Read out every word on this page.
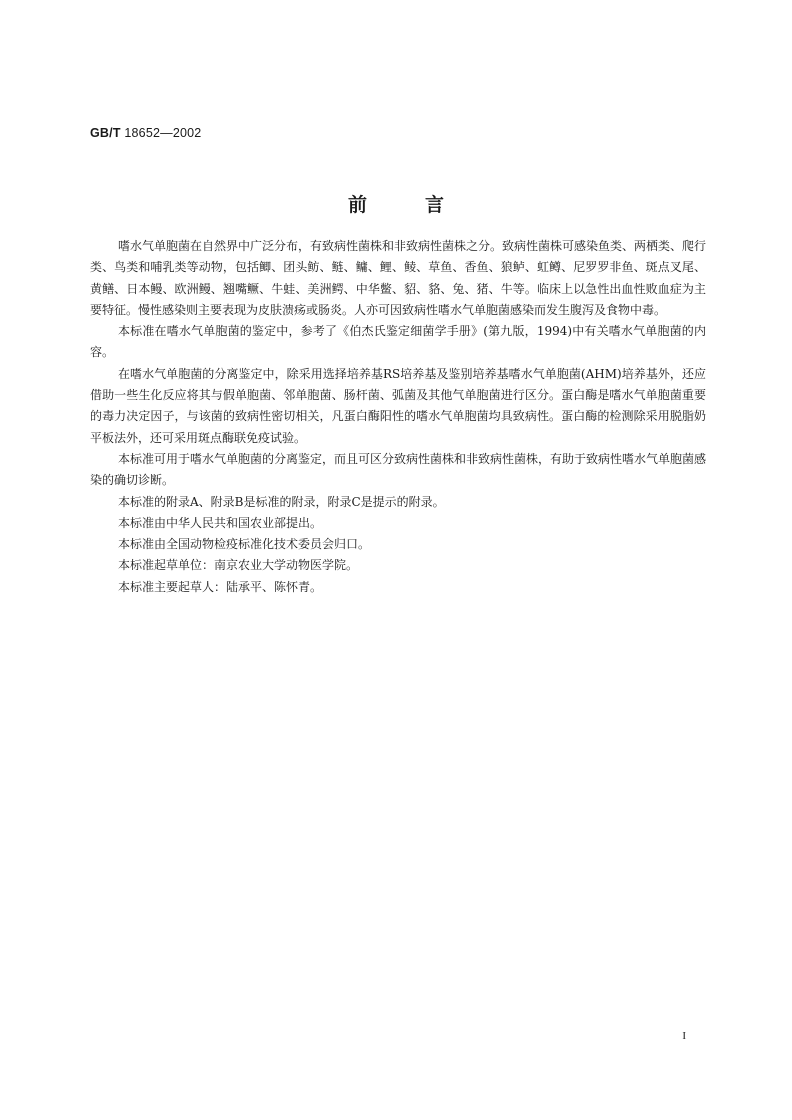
GB/T 18652—2002
前言

嗜水气单胞菌在自然界中广泛分布，有致病性菌株和非致病性菌株之分。致病性菌株可感染鱼类、两栖类、爬行类、鸟类和哺乳类等动物，包括鲫、团头鲂、鲢、鳙、鲤、鲮、草鱼、香鱼、狼鲈、虹鳟、尼罗罗非鱼、斑点叉尾、黄鳝、日本鳗、欧洲鳗、翘嘴鳜、牛蛙、美洲鳄、中华鳖、貂、貉、兔、猪、牛等。临床上以急性出血性败血症为主要特征。慢性感染则主要表现为皮肤溃疡或肠炎。人亦可因致病性嗜水气单胞菌感染而发生腹泻及食物中毒。

本标准在嗜水气单胞菌的鉴定中，参考了《伯杰氏鉴定细菌学手册》(第九版，1994)中有关嗜水气单胞菌的内容。

在嗜水气单胞菌的分离鉴定中，除采用选择培养基RS培养基及鉴别培养基嗜水气单胞菌(AHM)培养基外，还应借助一些生化反应将其与假单胞菌、邻单胞菌、肠杆菌、弧菌及其他气单胞菌进行区分。蛋白酶是嗜水气单胞菌重要的毒力决定因子，与该菌的致病性密切相关，凡蛋白酶阳性的嗜水气单胞菌均具致病性。蛋白酶的检测除采用脱脂奶平板法外，还可采用斑点酶联免疫试验。

本标准可用于嗜水气单胞菌的分离鉴定，而且可区分致病性菌株和非致病性菌株，有助于致病性嗜水气单胞菌感染的确切诊断。

本标准的附录A、附录B是标准的附录，附录C是提示的附录。

本标准由中华人民共和国农业部提出。

本标准由全国动物检疫标准化技术委员会归口。

本标准起草单位：南京农业大学动物医学院。

本标准主要起草人：陆承平、陈怀青。

I
